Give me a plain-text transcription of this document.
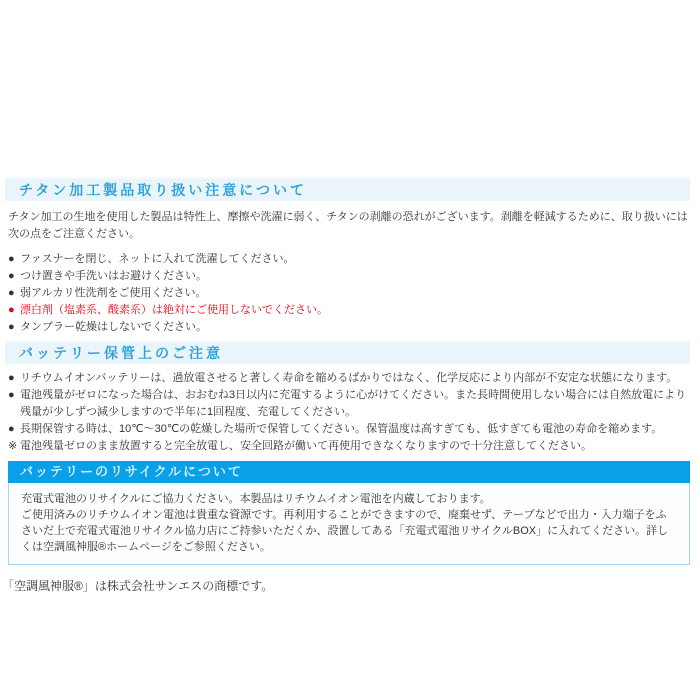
チタン加工製品取り扱い注意について

チタン加工の生地を使用した製品は特性上、摩擦や洗濯に弱く、チタンの剥離の恐れがございます。剥離を軽減するために、取り扱いには次の点をご注意ください。

● ファスナーを閉じ、ネットに入れて洗濯してください。
● つけ置きや手洗いはお避けください。
● 弱アルカリ性洗剤をご使用ください。
● 漂白剤（塩素系、酸素系）は絶対にご使用しないでください。
● タンブラー乾燥はしないでください。
バッテリー保管上のご注意
● リチウムイオンバッテリーは、過放電させると著しく寿命を縮めるばかりではなく、化学反応により内部が不安定な状態になります。
● 電池残量がゼロになった場合は、おおむね3日以内に充電するように心がけてください。また長時間使用しない場合には自然放電により残量が少しずつ減少しますので半年に1回程度、充電してください。
● 長期保管する時は、10℃～30℃の乾燥した場所で保管してください。保管温度は高すぎても、低すぎても電池の寿命を縮めます。
※ 電池残量ゼロのまま放置すると完全放電し、安全回路が働いて再使用できなくなりますので十分注意してください。
バッテリーのリサイクルについて
充電式電池のリサイクルにご協力ください。本製品はリチウムイオン電池を内蔵しております。
ご使用済みのリチウムイオン電池は貴重な資源です。再利用することができますので、廃棄せず、テープなどで出力・入力端子をふさいだ上で充電式電池リサイクル協力店にご持参いただくか、設置してある「充電式電池リサイクルBOX」に入れてください。詳しくは空調風神服®ホームページをご参照ください。

「空調風神服®」は株式会社サンエスの商標です。
